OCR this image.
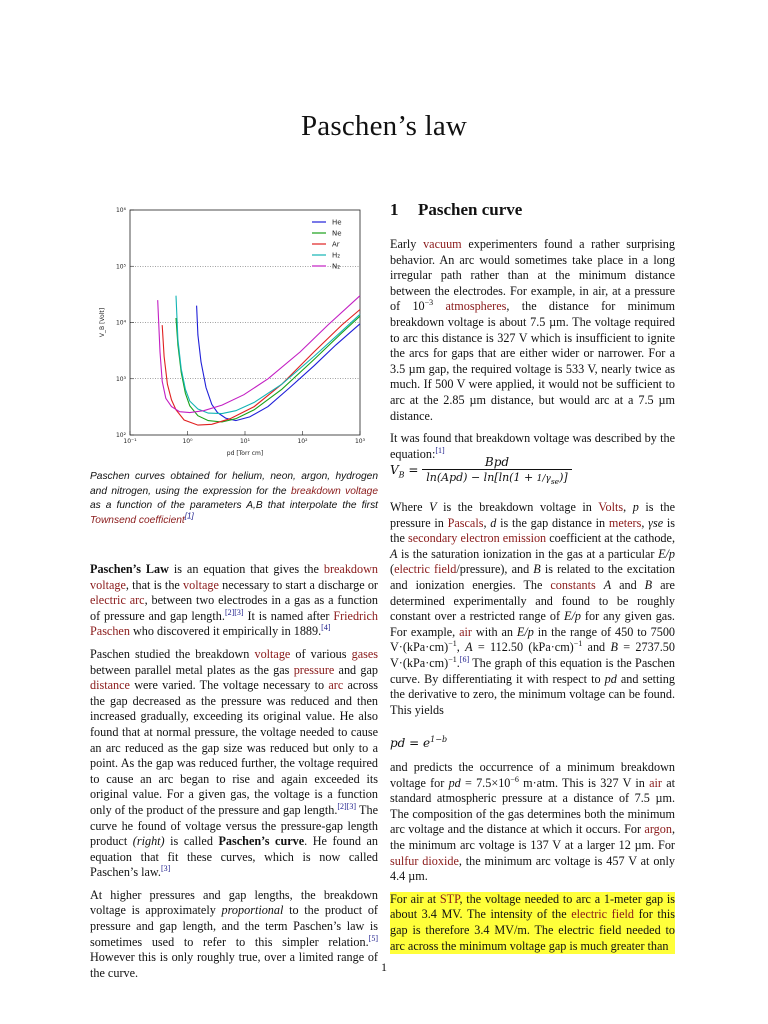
Paschen’s law
10²
10³
10⁴
10⁵
10⁶
10⁻¹	10⁰	10¹	10²	10³
pd [Torr cm]
V_B [Volt]
He
Ne
Ar
H₂
N₂
Paschen curves obtained for helium, neon, argon, hydrogen and nitrogen, using the expression for the breakdown voltage as a function of the parameters A,B that interpolate the first Townsend coefficient[1]

Paschen’s Law is an equation that gives the breakdown voltage, that is the voltage necessary to start a discharge or electric arc, between two electrodes in a gas as a function of pressure and gap length.[2][3] It is named after Friedrich Paschen who discovered it empirically in 1889.[4]

Paschen studied the breakdown voltage of various gases between parallel metal plates as the gas pressure and gap distance were varied. The voltage necessary to arc across the gap decreased as the pressure was reduced and then increased gradually, exceeding its original value. He also found that at normal pressure, the voltage needed to cause an arc reduced as the gap size was reduced but only to a point. As the gap was reduced further, the voltage required to cause an arc began to rise and again exceeded its original value. For a given gas, the voltage is a function only of the product of the pressure and gap length.[2][3] The curve he found of voltage versus the pressure-gap length product (right) is called Paschen’s curve. He found an equation that fit these curves, which is now called Paschen’s law.[3]

At higher pressures and gap lengths, the breakdown voltage is approximately proportional to the product of pressure and gap length, and the term Paschen’s law is sometimes used to refer to this simpler relation.[5] However this is only roughly true, over a limited range of the curve.

1 Paschen curve

Early vacuum experimenters found a rather surprising behavior. An arc would sometimes take place in a long irregular path rather than at the minimum distance between the electrodes. For example, in air, at a pressure of $10^{-3}$ atmospheres, the distance for minimum breakdown voltage is about 7.5 µm. The voltage required to arc this distance is 327 V which is insufficient to ignite the arcs for gaps that are either wider or narrower. For a 3.5 µm gap, the required voltage is 533 V, nearly twice as much. If 500 V were applied, it would not be sufficient to arc at the 2.85 µm distance, but would arc at a 7.5 µm distance.

It was found that breakdown voltage was described by the equation:[1]

$V_B = \frac{\text{Bpd}}{\ln(Apd) - \ln[\ln(1 + 1/\gamma_{se})]}$

Where V is the breakdown voltage in Volts, p is the pressure in Pascals, d is the gap distance in meters, γse is the secondary electron emission coefficient at the cathode, A is the saturation ionization in the gas at a particular E/p (electric field/pressure), and B is related to the excitation and ionization energies. The constants A and B are determined experimentally and found to be roughly constant over a restricted range of E/p for any given gas. For example, air with an E/p in the range of 450 to 7500 $V\cdot(kPa\cdot cm)^{-1}$, A = 112.50 $(kPa\cdot cm)^{-1}$ and B = 2737.50 $V\cdot(kPa\cdot cm)^{-1}.[6]$ The graph of this equation is the Paschen curve. By differentiating it with respect to pd and setting the derivative to zero, the minimum voltage can be found. This yields

pd = $e^{1-b}$

and predicts the occurrence of a minimum breakdown voltage for pd = $7.5\times 10^{-6}$ m·atm. This is 327 V in air at standard atmospheric pressure at a distance of 7.5 µm. The composition of the gas determines both the minimum arc voltage and the distance at which it occurs. For argon, the minimum arc voltage is 137 V at a larger 12 µm. For sulfur dioxide, the minimum arc voltage is 457 V at only 4.4 µm.

For air at STP, the voltage needed to arc a 1-meter gap is about 3.4 MV. The intensity of the electric field for this gap is therefore 3.4 MV/m. The electric field needed to arc across the minimum voltage gap is much greater than

1
